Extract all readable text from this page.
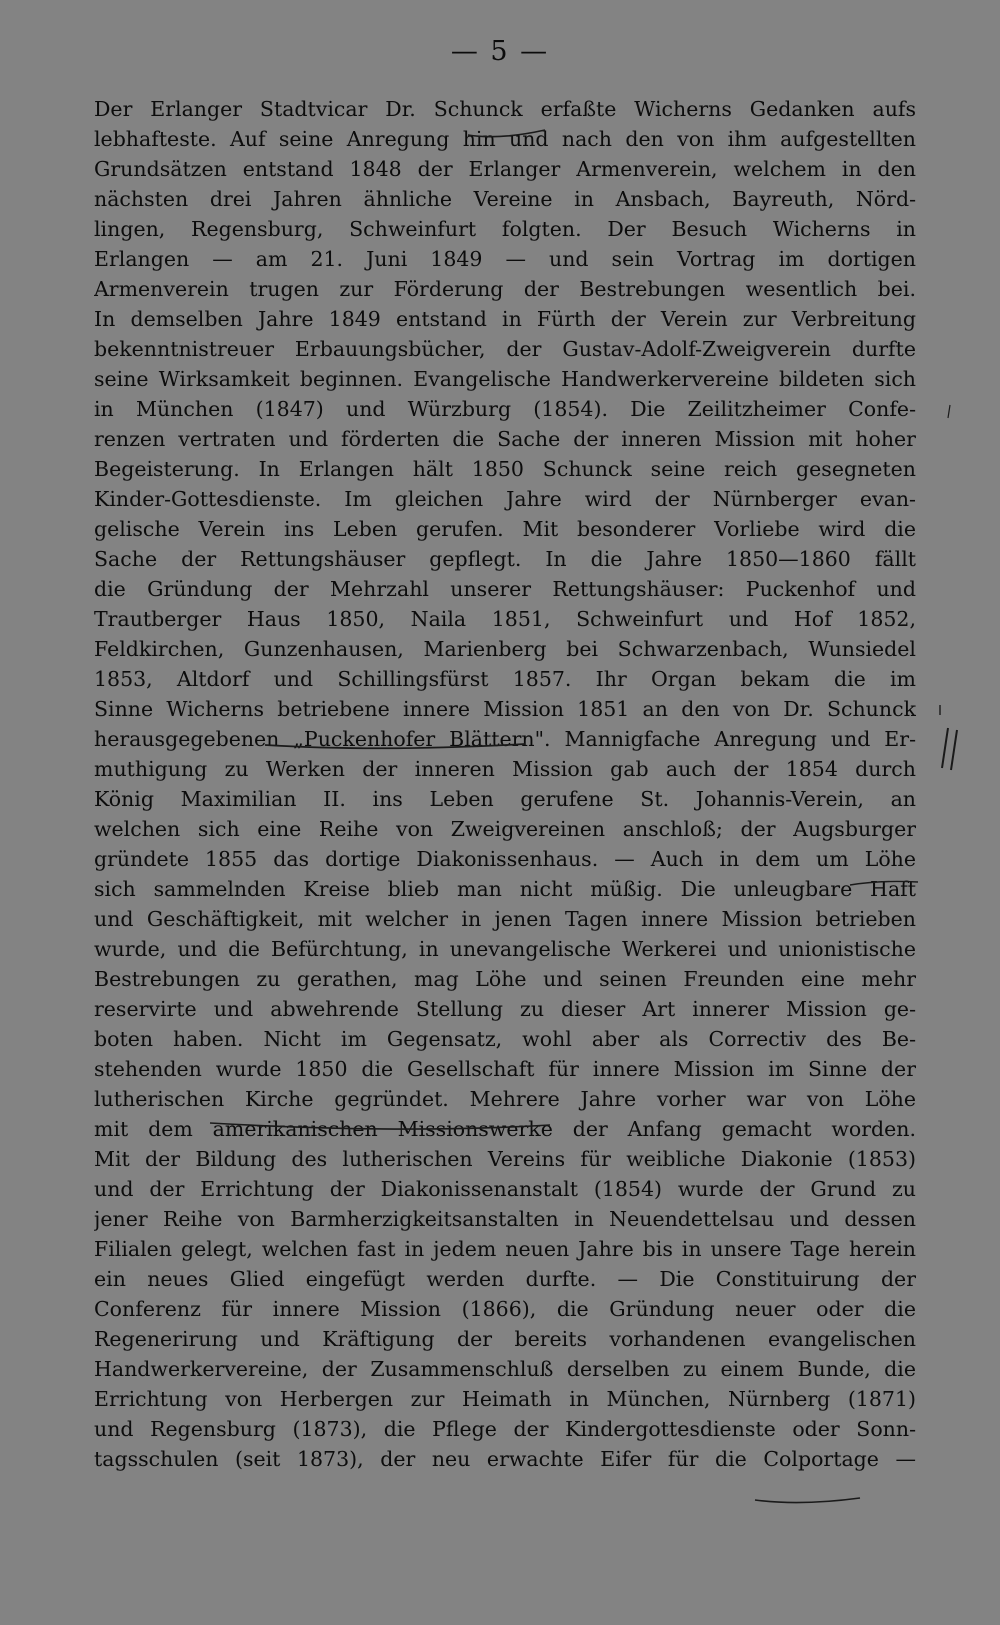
— 5 —
Der Erlanger Stadtvicar Dr. Schunck erfaßte Wicherns Gedanken aufs
lebhafteste. Auf seine Anregung hin und nach den von ihm aufgestellten
Grundsätzen entstand 1848 der Erlanger Armenverein, welchem in den
nächsten drei Jahren ähnliche Vereine in Ansbach, Bayreuth, Nörd-
lingen, Regensburg, Schweinfurt folgten. Der Besuch Wicherns in
Erlangen — am 21. Juni 1849 — und sein Vortrag im dortigen
Armenverein trugen zur Förderung der Bestrebungen wesentlich bei.
In demselben Jahre 1849 entstand in Fürth der Verein zur Verbreitung
bekenntnistreuer Erbauungsbücher, der Gustav-Adolf-Zweigverein durfte
seine Wirksamkeit beginnen. Evangelische Handwerkervereine bildeten sich
in München (1847) und Würzburg (1854). Die Zeilitzheimer Confe-
renzen vertraten und förderten die Sache der inneren Mission mit hoher
Begeisterung. In Erlangen hält 1850 Schunck seine reich gesegneten
Kinder-Gottesdienste. Im gleichen Jahre wird der Nürnberger evan-
gelische Verein ins Leben gerufen. Mit besonderer Vorliebe wird die
Sache der Rettungshäuser gepflegt. In die Jahre 1850—1860 fällt
die Gründung der Mehrzahl unserer Rettungshäuser: Puckenhof und
Trautberger Haus 1850, Naila 1851, Schweinfurt und Hof 1852,
Feldkirchen, Gunzenhausen, Marienberg bei Schwarzenbach, Wunsiedel
1853, Altdorf und Schillingsfürst 1857. Ihr Organ bekam die im
Sinne Wicherns betriebene innere Mission 1851 an den von Dr. Schunck
herausgegebenen „Puckenhofer Blättern". Mannigfache Anregung und Er-
muthigung zu Werken der inneren Mission gab auch der 1854 durch
König Maximilian II. ins Leben gerufene St. Johannis-Verein, an
welchen sich eine Reihe von Zweigvereinen anschloß; der Augsburger
gründete 1855 das dortige Diakonissenhaus. — Auch in dem um Löhe
sich sammelnden Kreise blieb man nicht müßig. Die unleugbare Haft
und Geschäftigkeit, mit welcher in jenen Tagen innere Mission betrieben
wurde, und die Befürchtung, in unevangelische Werkerei und unionistische
Bestrebungen zu gerathen, mag Löhe und seinen Freunden eine mehr
reservirte und abwehrende Stellung zu dieser Art innerer Mission ge-
boten haben. Nicht im Gegensatz, wohl aber als Correctiv des Be-
stehenden wurde 1850 die Gesellschaft für innere Mission im Sinne der
lutherischen Kirche gegründet. Mehrere Jahre vorher war von Löhe
mit dem amerikanischen Missionswerke der Anfang gemacht worden.
Mit der Bildung des lutherischen Vereins für weibliche Diakonie (1853)
und der Errichtung der Diakonissenanstalt (1854) wurde der Grund zu
jener Reihe von Barmherzigkeitsanstalten in Neuendettelsau und dessen
Filialen gelegt, welchen fast in jedem neuen Jahre bis in unsere Tage herein
ein neues Glied eingefügt werden durfte. — Die Constituirung der
Conferenz für innere Mission (1866), die Gründung neuer oder die
Regenerirung und Kräftigung der bereits vorhandenen evangelischen
Handwerkervereine, der Zusammenschluß derselben zu einem Bunde, die
Errichtung von Herbergen zur Heimath in München, Nürnberg (1871)
und Regensburg (1873), die Pflege der Kindergottesdienste oder Sonn-
tagsschulen (seit 1873), der neu erwachte Eifer für die Colportage —
